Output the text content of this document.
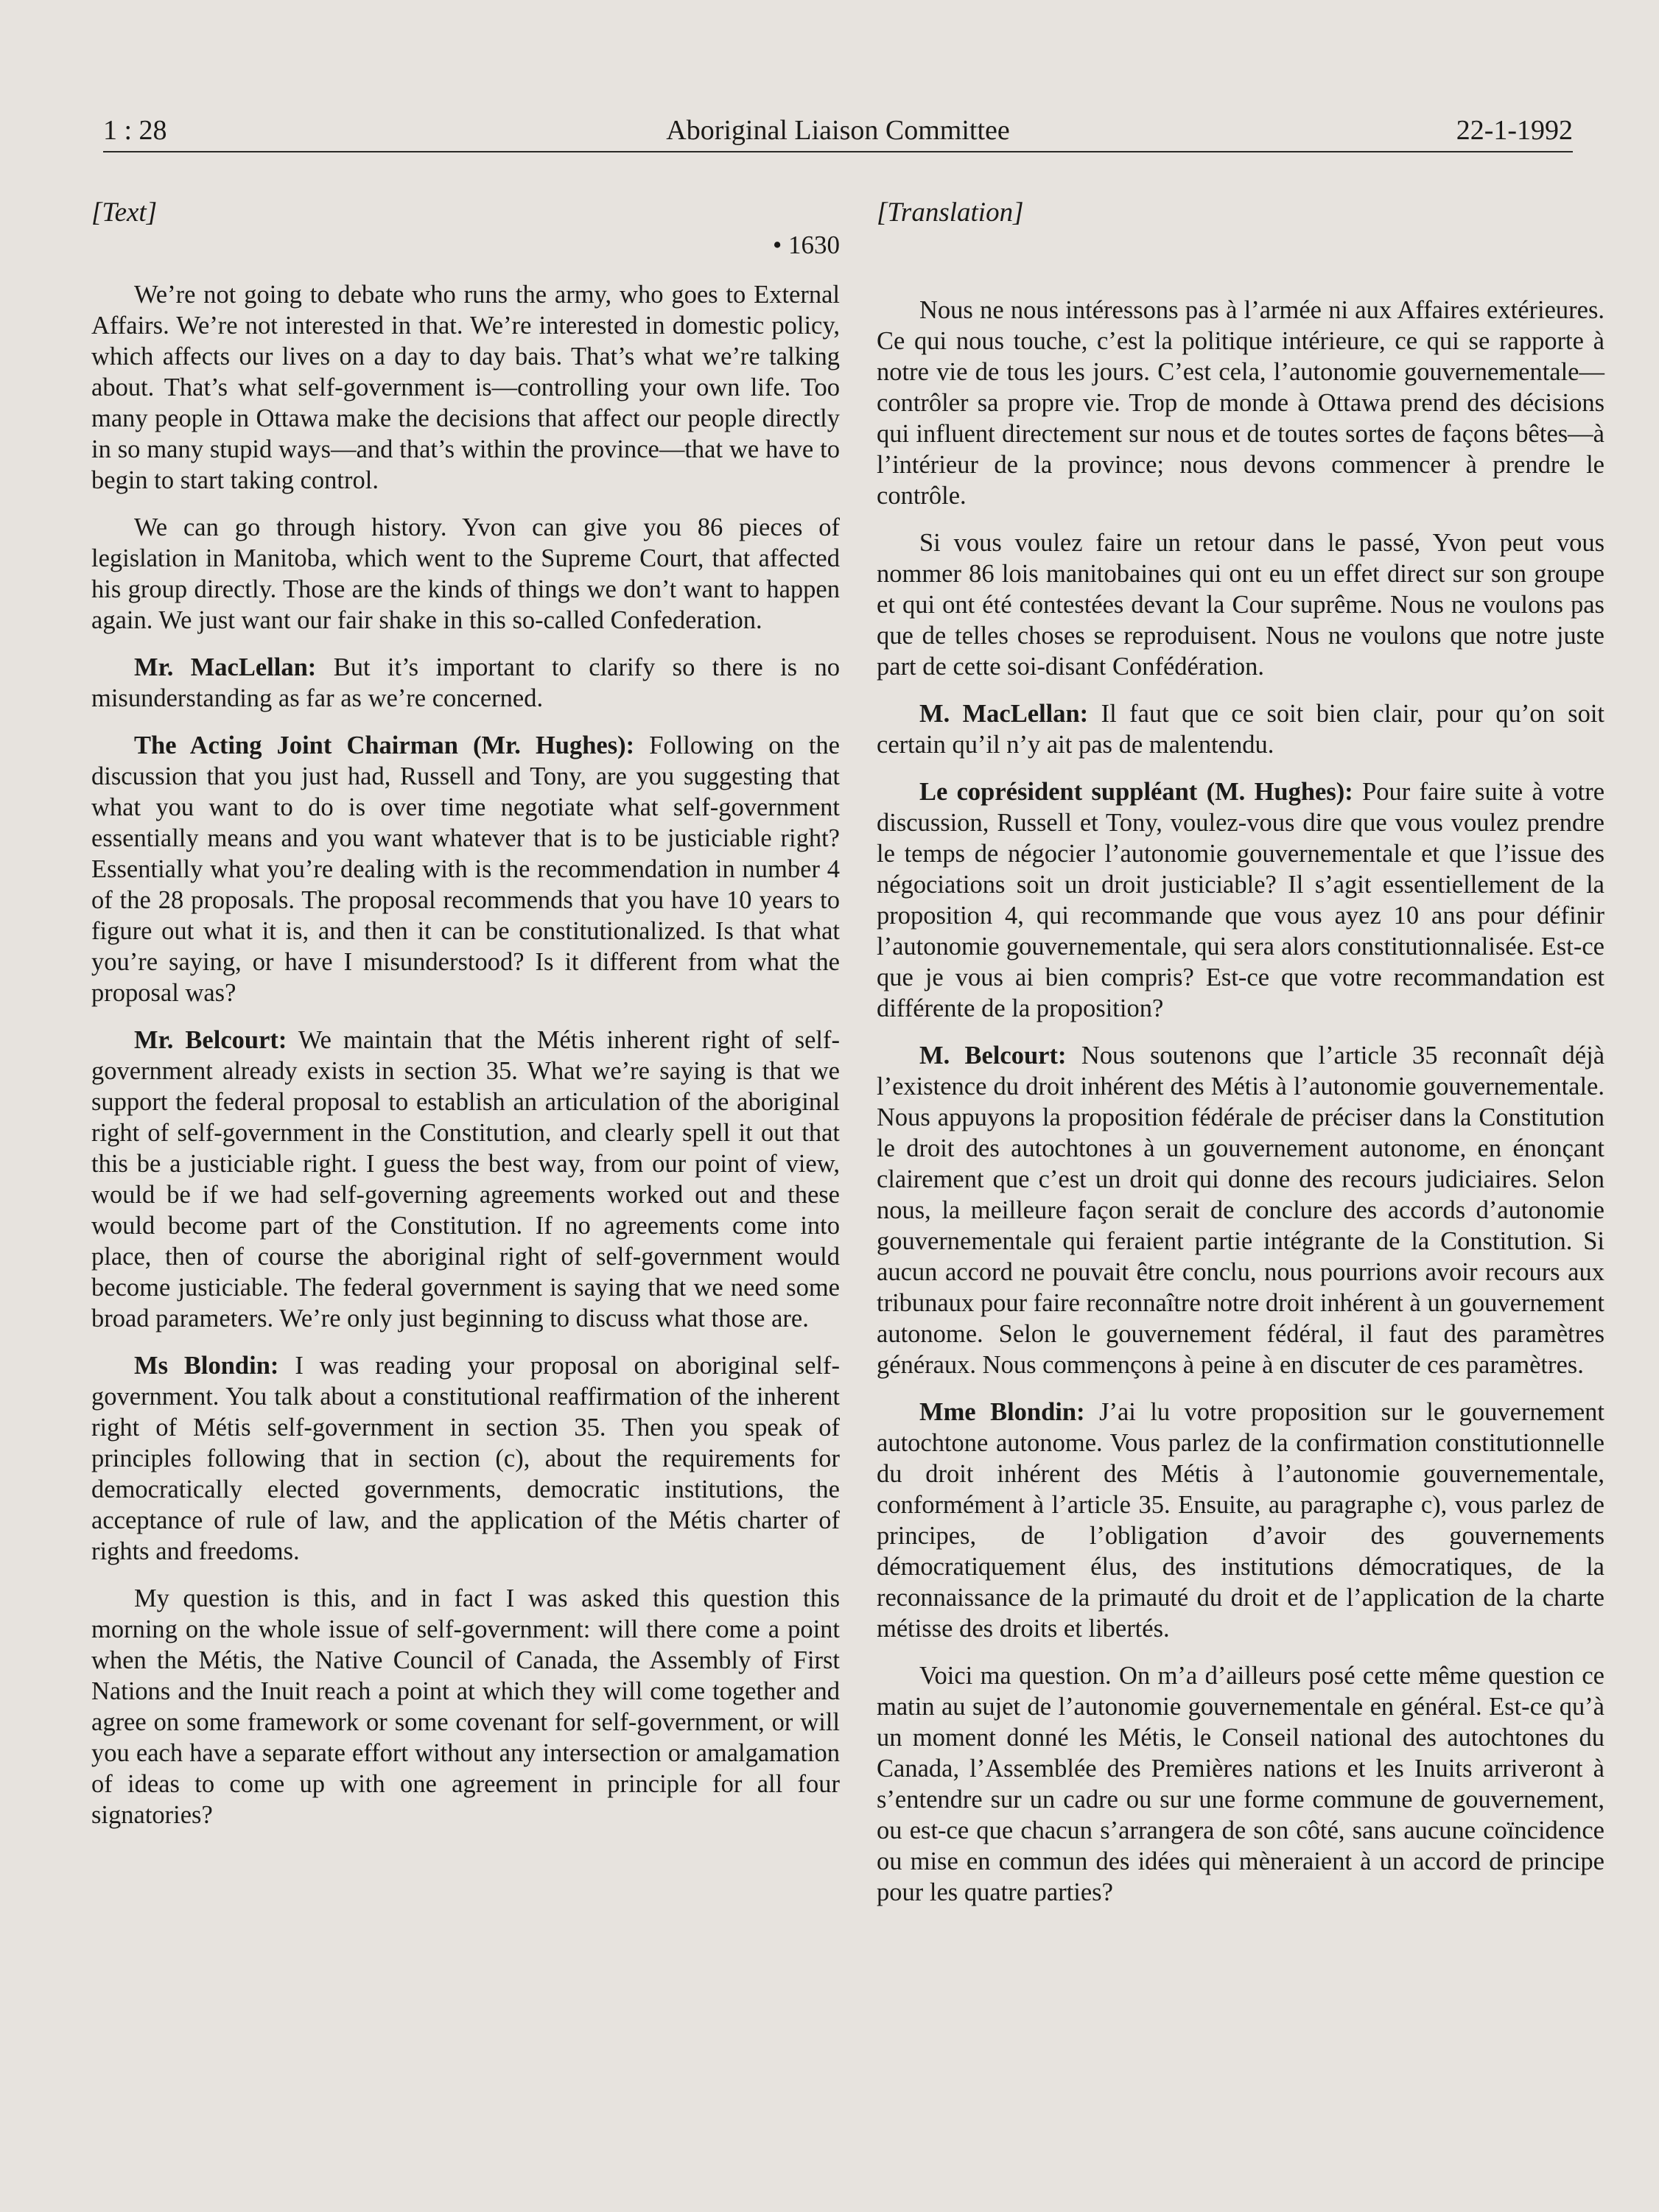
1 : 28	Aboriginal Liaison Committee	22-1-1992
[Text]
• 1630

We’re not going to debate who runs the army, who goes to External Affairs. We’re not interested in that. We’re interested in domestic policy, which affects our lives on a day to day bais. That’s what we’re talking about. That’s what self-government is—controlling your own life. Too many people in Ottawa make the decisions that affect our people directly in so many stupid ways—and that’s within the province—that we have to begin to start taking control.

We can go through history. Yvon can give you 86 pieces of legislation in Manitoba, which went to the Supreme Court, that affected his group directly. Those are the kinds of things we don’t want to happen again. We just want our fair shake in this so-called Confederation.

Mr. MacLellan: But it’s important to clarify so there is no misunderstanding as far as we’re concerned.

The Acting Joint Chairman (Mr. Hughes): Following on the discussion that you just had, Russell and Tony, are you suggesting that what you want to do is over time negotiate what self-government essentially means and you want whatever that is to be justiciable right? Essentially what you’re dealing with is the recommendation in number 4 of the 28 proposals. The proposal recommends that you have 10 years to figure out what it is, and then it can be constitutionalized. Is that what you’re saying, or have I misunderstood? Is it different from what the proposal was?

Mr. Belcourt: We maintain that the Métis inherent right of self-government already exists in section 35. What we’re saying is that we support the federal proposal to establish an articulation of the aboriginal right of self-government in the Constitution, and clearly spell it out that this be a justiciable right. I guess the best way, from our point of view, would be if we had self-governing agreements worked out and these would become part of the Constitution. If no agreements come into place, then of course the aboriginal right of self-government would become justiciable. The federal government is saying that we need some broad parameters. We’re only just beginning to discuss what those are.

Ms Blondin: I was reading your proposal on aboriginal self-government. You talk about a constitutional reaffirmation of the inherent right of Métis self-government in section 35. Then you speak of principles following that in section (c), about the requirements for democratically elected governments, democratic institutions, the acceptance of rule of law, and the application of the Métis charter of rights and freedoms.

My question is this, and in fact I was asked this question this morning on the whole issue of self-government: will there come a point when the Métis, the Native Council of Canada, the Assembly of First Nations and the Inuit reach a point at which they will come together and agree on some framework or some covenant for self-government, or will you each have a separate effort without any intersection or amalgamation of ideas to come up with one agreement in principle for all four signatories?

[Translation]

Nous ne nous intéressons pas à l’armée ni aux Affaires extérieures. Ce qui nous touche, c’est la politique intérieure, ce qui se rapporte à notre vie de tous les jours. C’est cela, l’autonomie gouvernementale—contrôler sa propre vie. Trop de monde à Ottawa prend des décisions qui influent directement sur nous et de toutes sortes de façons bêtes—à l’intérieur de la province; nous devons commencer à prendre le contrôle.

Si vous voulez faire un retour dans le passé, Yvon peut vous nommer 86 lois manitobaines qui ont eu un effet direct sur son groupe et qui ont été contestées devant la Cour suprême. Nous ne voulons pas que de telles choses se reproduisent. Nous ne voulons que notre juste part de cette soi-disant Confédération.

M. MacLellan: Il faut que ce soit bien clair, pour qu’on soit certain qu’il n’y ait pas de malentendu.

Le coprésident suppléant (M. Hughes): Pour faire suite à votre discussion, Russell et Tony, voulez-vous dire que vous voulez prendre le temps de négocier l’autonomie gouvernementale et que l’issue des négociations soit un droit justiciable? Il s’agit essentiellement de la proposition 4, qui recommande que vous ayez 10 ans pour définir l’autonomie gouvernementale, qui sera alors constitutionnalisée. Est-ce que je vous ai bien compris? Est-ce que votre recommandation est différente de la proposition?

M. Belcourt: Nous soutenons que l’article 35 reconnaît déjà l’existence du droit inhérent des Métis à l’autonomie gouvernementale. Nous appuyons la proposition fédérale de préciser dans la Constitution le droit des autochtones à un gouvernement autonome, en énonçant clairement que c’est un droit qui donne des recours judiciaires. Selon nous, la meilleure façon serait de conclure des accords d’autonomie gouvernementale qui feraient partie intégrante de la Constitution. Si aucun accord ne pouvait être conclu, nous pourrions avoir recours aux tribunaux pour faire reconnaître notre droit inhérent à un gouvernement autonome. Selon le gouvernement fédéral, il faut des paramètres généraux. Nous commençons à peine à en discuter de ces paramètres.

Mme Blondin: J’ai lu votre proposition sur le gouvernement autochtone autonome. Vous parlez de la confirmation constitutionnelle du droit inhérent des Métis à l’autonomie gouvernementale, conformément à l’article 35. Ensuite, au paragraphe c), vous parlez de principes, de l’obligation d’avoir des gouvernements démocratiquement élus, des institutions démocratiques, de la reconnaissance de la primauté du droit et de l’application de la charte métisse des droits et libertés.

Voici ma question. On m’a d’ailleurs posé cette même question ce matin au sujet de l’autonomie gouvernementale en général. Est-ce qu’à un moment donné les Métis, le Conseil national des autochtones du Canada, l’Assemblée des Premières nations et les Inuits arriveront à s’entendre sur un cadre ou sur une forme commune de gouvernement, ou est-ce que chacun s’arrangera de son côté, sans aucune coïncidence ou mise en commun des idées qui mèneraient à un accord de principe pour les quatre parties?
